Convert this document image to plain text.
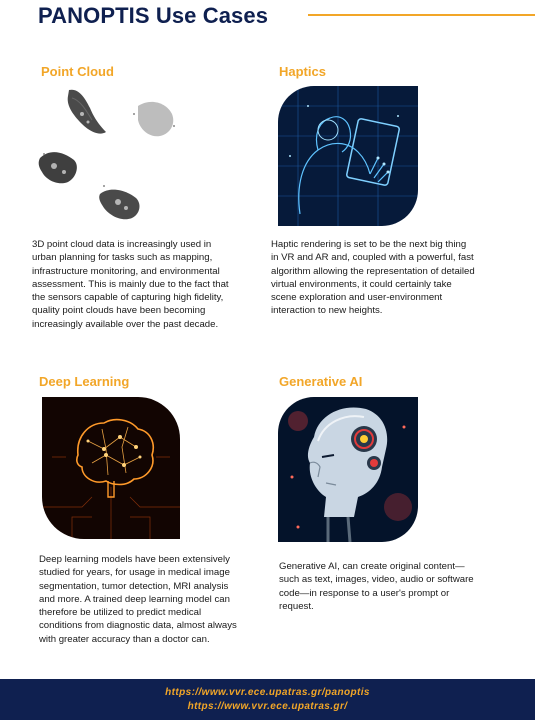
PANOPTIS Use Cases
Point Cloud

3D point cloud data is increasingly used in urban planning for tasks such as mapping, infrastructure monitoring, and environmental assessment. This is mainly due to the fact that the sensors capable of capturing high fidelity, quality point clouds have been becoming increasingly available over the past decade.

Haptics

Haptic rendering is set to be the next big thing in VR and AR and, coupled with a powerful, fast algorithm allowing the representation of detailed virtual environments, it could certainly take scene exploration and user-environment interaction to new heights.

Deep Learning

Deep learning models have been extensively studied for years, for usage in medical image segmentation, tumor detection, MRI analysis and more. A trained deep learning model can therefore be utilized to predict medical conditions from diagnostic data, almost always with greater accuracy than a doctor can.

Generative AI

Generative AI, can create original content—such as text, images, video, audio or software code—in response to a user's prompt or request.

https://www.vvr.ece.upatras.gr/panoptis
https://www.vvr.ece.upatras.gr/
